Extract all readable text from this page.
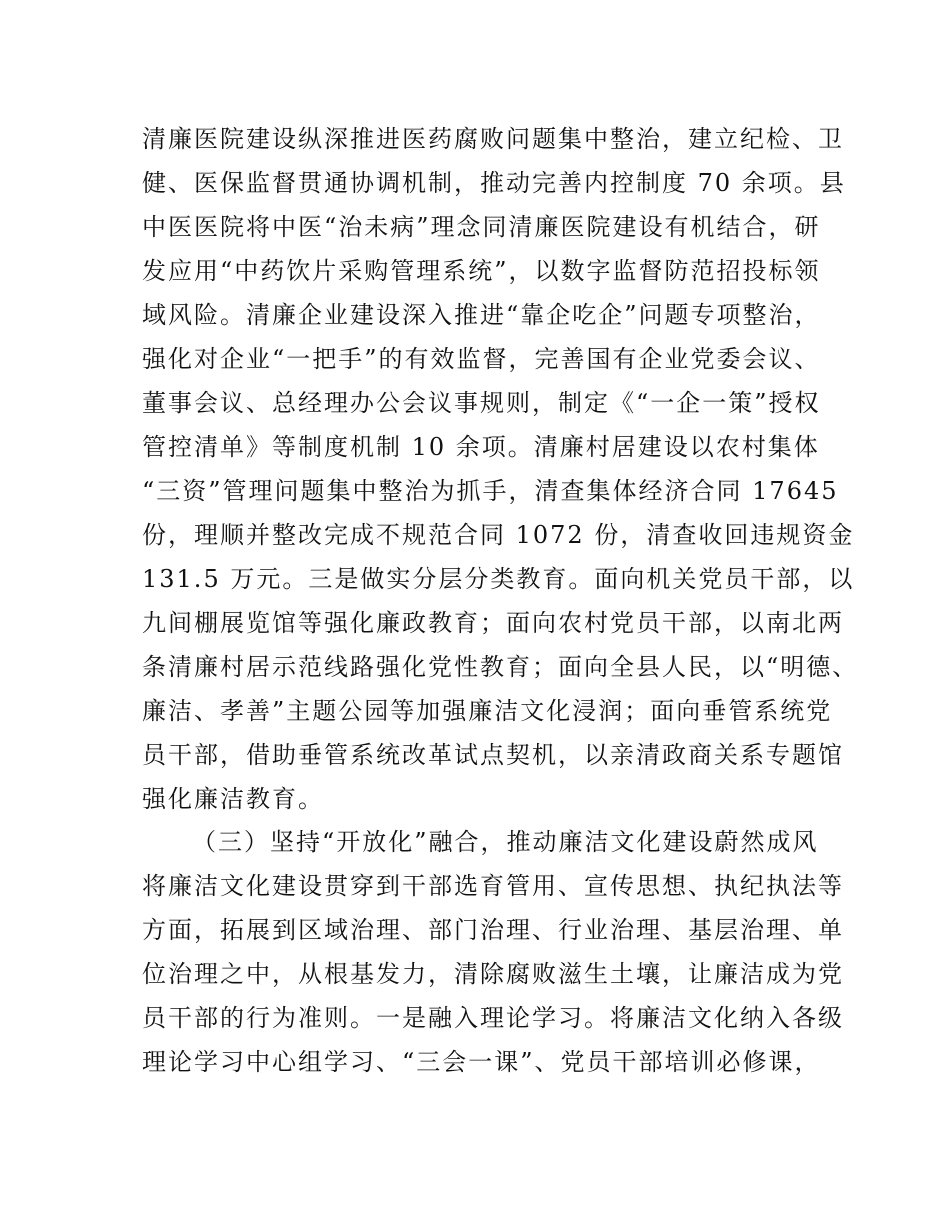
清廉医院建设纵深推进医药腐败问题集中整治，建立纪检、卫
健、医保监督贯通协调机制，推动完善内控制度 70 余项。县
中医医院将中医“治未病”理念同清廉医院建设有机结合，研
发应用“中药饮片采购管理系统”，以数字监督防范招投标领
域风险。清廉企业建设深入推进“靠企吃企”问题专项整治，
强化对企业“一把手”的有效监督，完善国有企业党委会议、
董事会议、总经理办公会议事规则，制定《“一企一策”授权
管控清单》等制度机制 10 余项。清廉村居建设以农村集体
“三资”管理问题集中整治为抓手，清查集体经济合同 17645
份，理顺并整改完成不规范合同 1072 份，清查收回违规资金
131.5 万元。三是做实分层分类教育。面向机关党员干部，以
九间棚展览馆等强化廉政教育；面向农村党员干部，以南北两
条清廉村居示范线路强化党性教育；面向全县人民，以“明德、
廉洁、孝善”主题公园等加强廉洁文化浸润；面向垂管系统党
员干部，借助垂管系统改革试点契机，以亲清政商关系专题馆
强化廉洁教育。
（三）坚持“开放化”融合，推动廉洁文化建设蔚然成风
将廉洁文化建设贯穿到干部选育管用、宣传思想、执纪执法等
方面，拓展到区域治理、部门治理、行业治理、基层治理、单
位治理之中，从根基发力，清除腐败滋生土壤，让廉洁成为党
员干部的行为准则。一是融入理论学习。将廉洁文化纳入各级
理论学习中心组学习、“三会一课”、党员干部培训必修课，
